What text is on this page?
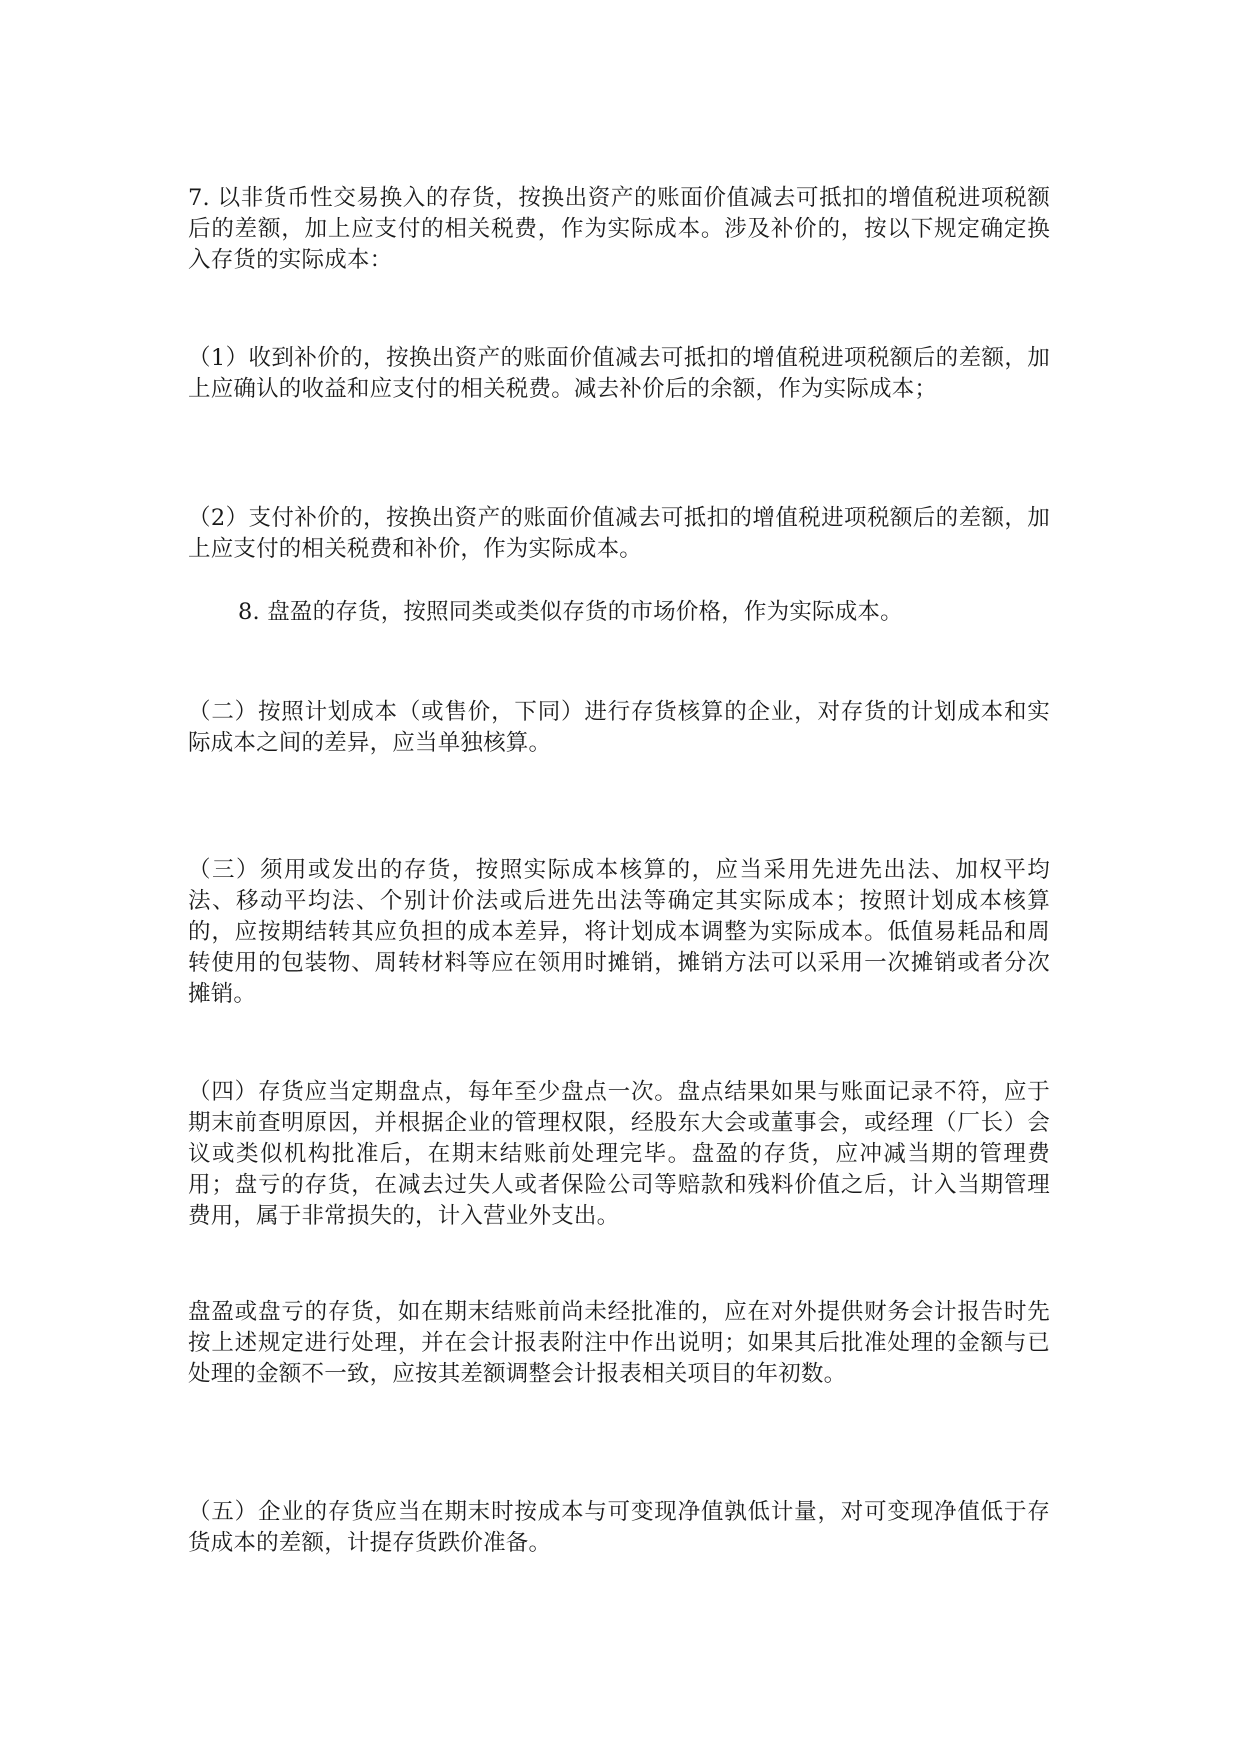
7. 以非货币性交易换入的存货，按换出资产的账面价值减去可抵扣的增值税进项税额后的差额，加上应支付的相关税费，作为实际成本。涉及补价的，按以下规定确定换入存货的实际成本：

（1）收到补价的，按换出资产的账面价值减去可抵扣的增值税进项税额后的差额，加上应确认的收益和应支付的相关税费。减去补价后的余额，作为实际成本；

（2）支付补价的，按换出资产的账面价值减去可抵扣的增值税进项税额后的差额，加上应支付的相关税费和补价，作为实际成本。

8. 盘盈的存货，按照同类或类似存货的市场价格，作为实际成本。

（二）按照计划成本（或售价，下同）进行存货核算的企业，对存货的计划成本和实际成本之间的差异，应当单独核算。

（三）须用或发出的存货，按照实际成本核算的，应当采用先进先出法、加权平均法、移动平均法、个别计价法或后进先出法等确定其实际成本；按照计划成本核算的，应按期结转其应负担的成本差异，将计划成本调整为实际成本。低值易耗品和周转使用的包装物、周转材料等应在领用时摊销，摊销方法可以采用一次摊销或者分次摊销。

（四）存货应当定期盘点，每年至少盘点一次。盘点结果如果与账面记录不符，应于期末前查明原因，并根据企业的管理权限，经股东大会或董事会，或经理（厂长）会议或类似机构批准后，在期末结账前处理完毕。盘盈的存货，应冲减当期的管理费用；盘亏的存货，在减去过失人或者保险公司等赔款和残料价值之后，计入当期管理费用，属于非常损失的，计入营业外支出。

盘盈或盘亏的存货，如在期末结账前尚未经批准的，应在对外提供财务会计报告时先按上述规定进行处理，并在会计报表附注中作出说明；如果其后批准处理的金额与已处理的金额不一致，应按其差额调整会计报表相关项目的年初数。

（五）企业的存货应当在期末时按成本与可变现净值孰低计量，对可变现净值低于存货成本的差额，计提存货跌价准备。
